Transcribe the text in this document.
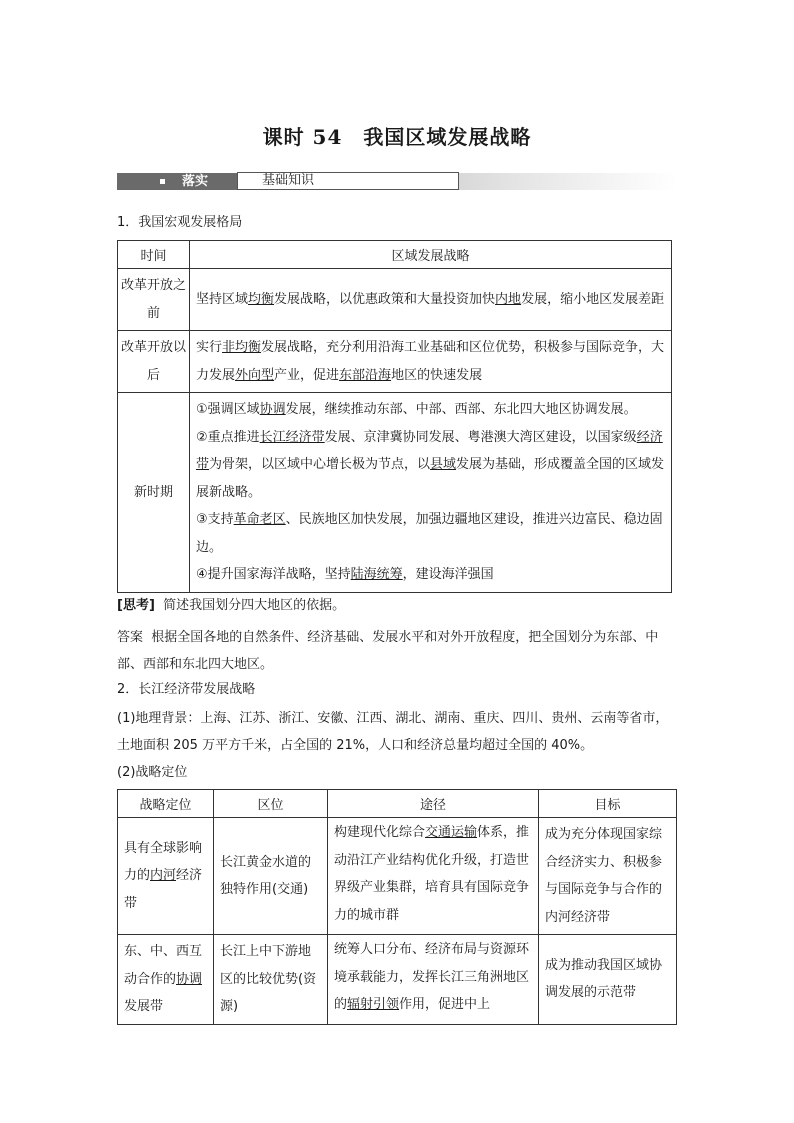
课时 54　我国区域发展战略
落实	基础知识

1．我国宏观发展格局

时间	区域发展战略
改革开放之前	坚持区域均衡发展战略，以优惠政策和大量投资加快内地发展，缩小地区发展差距
改革开放以后	实行非均衡发展战略，充分利用沿海工业基础和区位优势，积极参与国际竞争，大力发展外向型产业，促进东部沿海地区的快速发展
新时期	①强调区域协调发展，继续推动东部、中部、西部、东北四大地区协调发展。
②重点推进长江经济带发展、京津冀协同发展、粤港澳大湾区建设，以国家级经济带为骨架，以区域中心增长极为节点，以县域发展为基础，形成覆盖全国的区域发展新战略。
③支持革命老区、民族地区加快发展，加强边疆地区建设，推进兴边富民、稳边固边。
④提升国家海洋战略，坚持陆海统筹，建设海洋强国

[思考] 简述我国划分四大地区的依据。

答案 根据全国各地的自然条件、经济基础、发展水平和对外开放程度，把全国划分为东部、中部、西部和东北四大地区。

2．长江经济带发展战略

(1)地理背景：上海、江苏、浙江、安徽、江西、湖北、湖南、重庆、四川、贵州、云南等省市，土地面积 205 万平方千米，占全国的 21%，人口和经济总量均超过全国的 40%。

(2)战略定位

战略定位	区位	途径	目标
具有全球影响力的内河经济带	长江黄金水道的独特作用(交通)	构建现代化综合交通运输体系，推动沿江产业结构优化升级，打造世界级产业集群，培育具有国际竞争力的城市群	成为充分体现国家综合经济实力、积极参与国际竞争与合作的内河经济带
东、中、西互动合作的协调发展带	长江上中下游地区的比较优势(资源)	统筹人口分布、经济布局与资源环境承载能力，发挥长江三角洲地区的辐射引领作用，促进中上	成为推动我国区域协调发展的示范带
